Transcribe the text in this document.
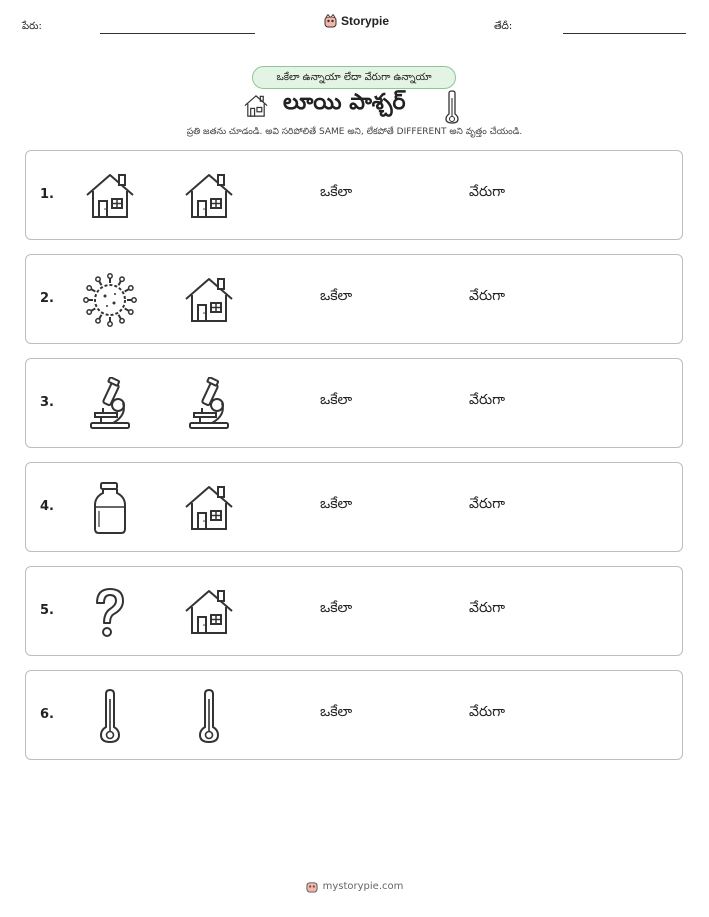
పేరు:	Storypie	తేదీ:
ఒకేలా ఉన్నాయా లేదా వేరుగా ఉన్నాయా
లూయి పాశ్చర్
ప్రతి జతను చూడండి. అవి సరిపోలితే SAME అని, లేకపోతే DIFFERENT అని వృత్తం చేయండి.
1.	ఒకేలా	వేరుగా
2.	ఒకేలా	వేరుగా
3.	ఒకేలా	వేరుగా
4.	ఒకేలా	వేరుగా
5.	ఒకేలా	వేరుగా
6.	ఒకేలా	వేరుగా
mystorypie.com
